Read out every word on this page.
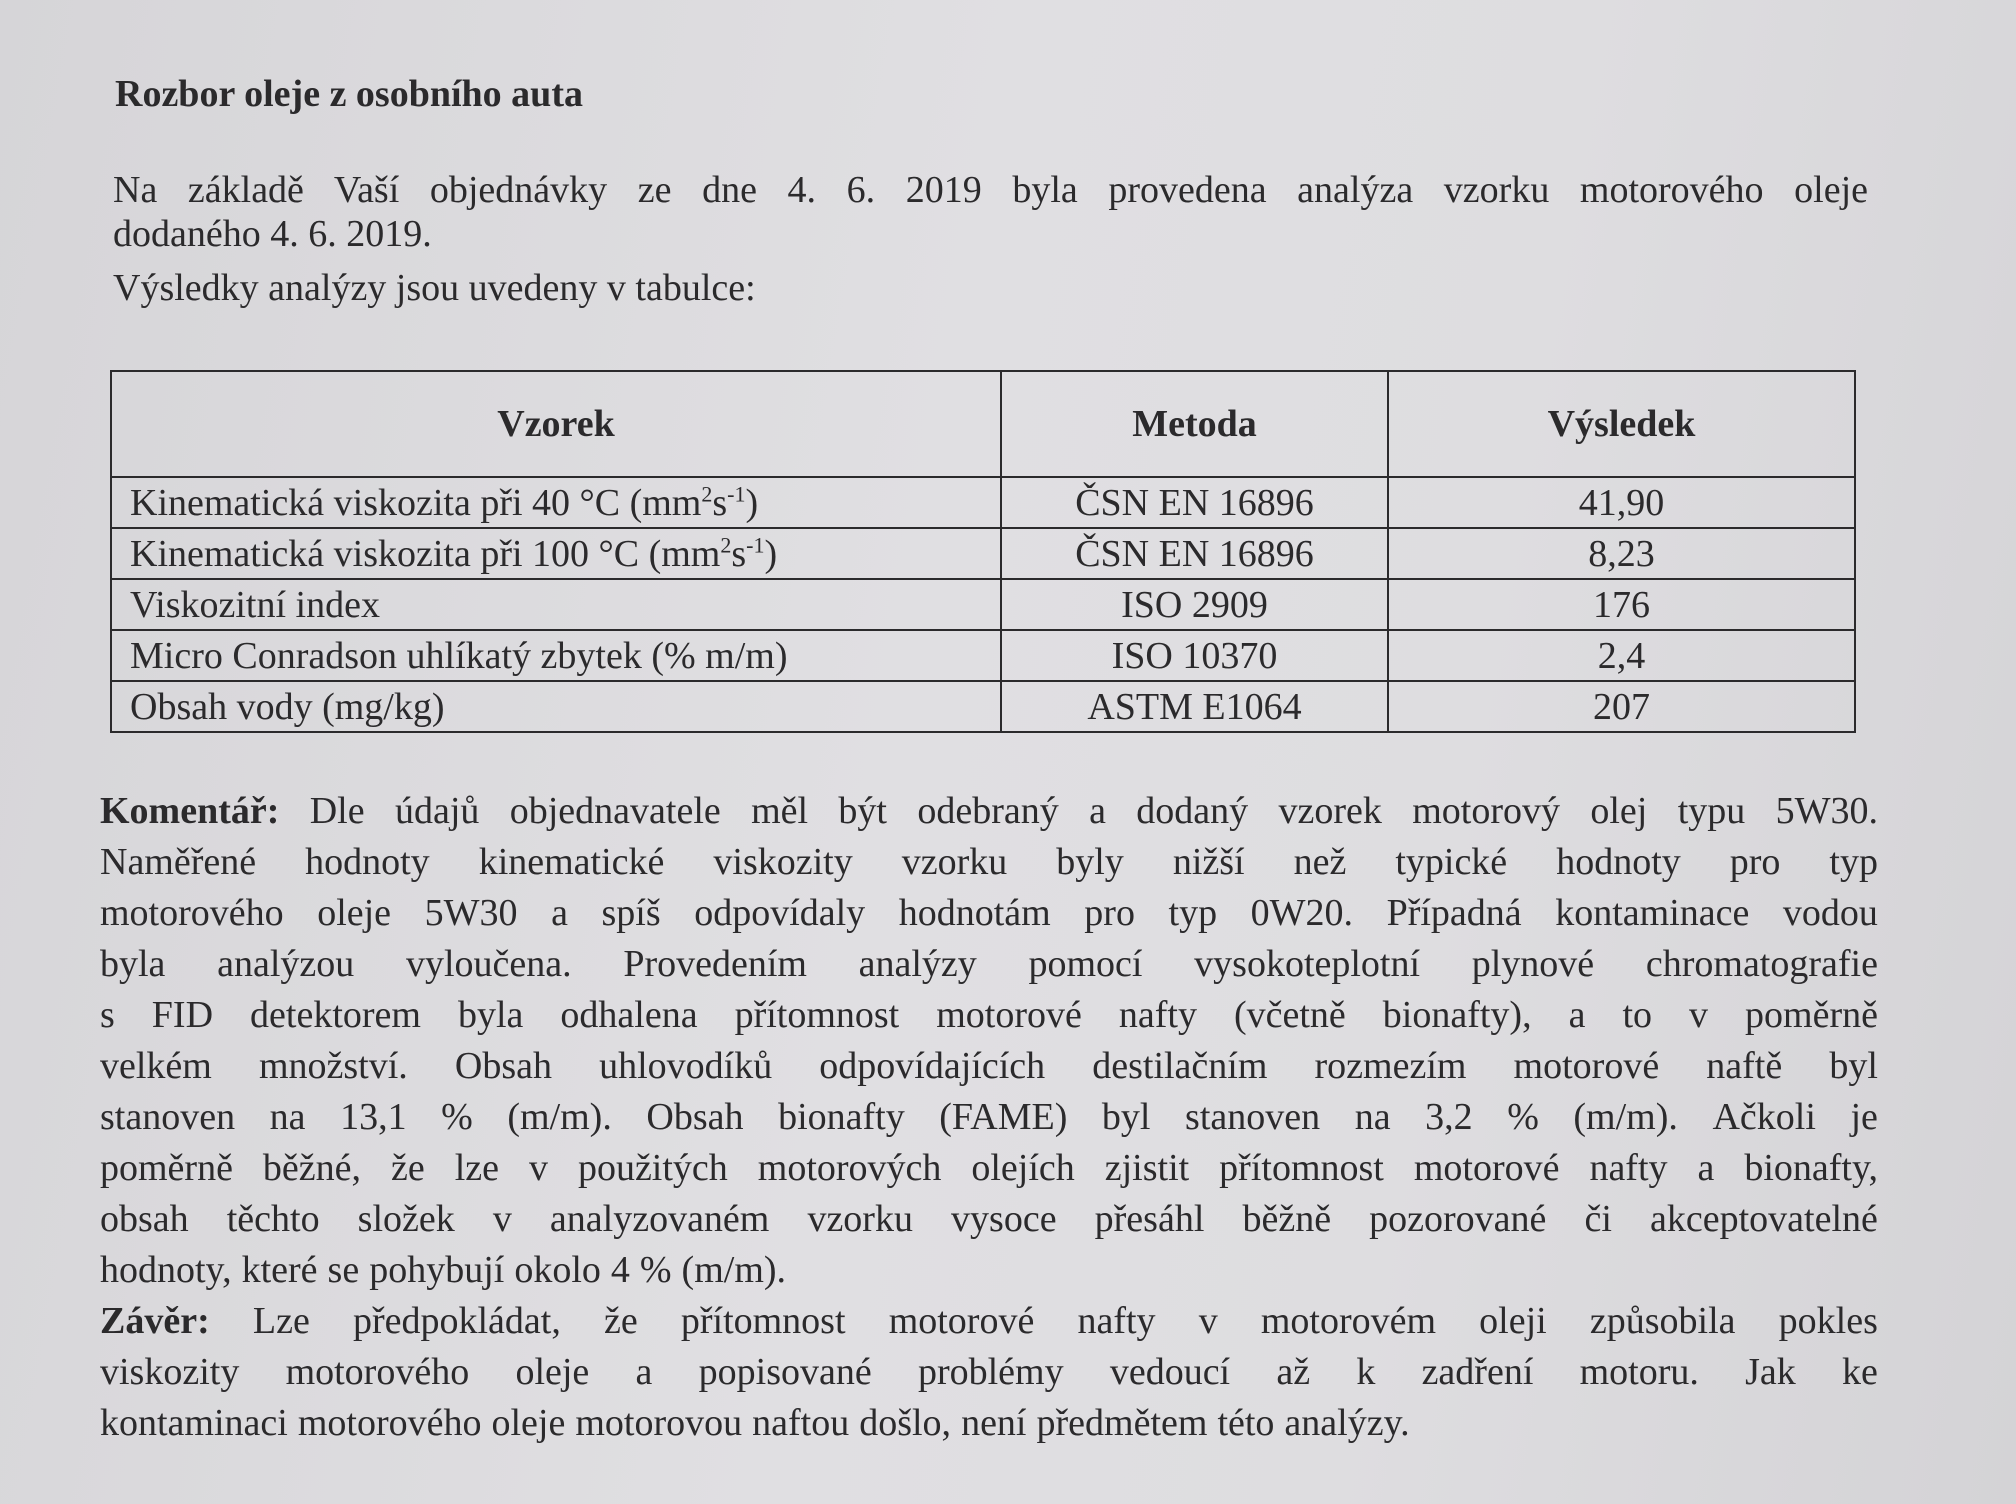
Rozbor oleje z osobního auta
Na základě Vaší objednávky ze dne 4. 6. 2019 byla provedena analýza vzorku motorového oleje
dodaného 4. 6. 2019.
Výsledky analýzy jsou uvedeny v tabulce:
Vzorek	Metoda	Výsledek
Kinematická viskozita při 40 °C $(mm^2s^{-1})$	ČSN EN 16896	41,90
Kinematická viskozita při 100 °C $(mm^2s^{-1})$	ČSN EN 16896	8,23
Viskozitní index	ISO 2909	176
Micro Conradson uhlíkatý zbytek (% m/m)	ISO 10370	2,4
Obsah vody (mg/kg)	ASTM E1064	207
Komentář: Dle údajů objednavatele měl být odebraný a dodaný vzorek motorový olej typu 5W30.
Naměřené hodnoty kinematické viskozity vzorku byly nižší než typické hodnoty pro typ
motorového oleje 5W30 a spíš odpovídaly hodnotám pro typ 0W20. Případná kontaminace vodou
byla analýzou vyloučena. Provedením analýzy pomocí vysokoteplotní plynové chromatografie
s FID detektorem byla odhalena přítomnost motorové nafty (včetně bionafty), a to v poměrně
velkém množství. Obsah uhlovodíků odpovídajících destilačním rozmezím motorové naftě byl
stanoven na 13,1 % (m/m). Obsah bionafty (FAME) byl stanoven na 3,2 % (m/m). Ačkoli je
poměrně běžné, že lze v použitých motorových olejích zjistit přítomnost motorové nafty a bionafty,
obsah těchto složek v analyzovaném vzorku vysoce přesáhl běžně pozorované či akceptovatelné
hodnoty, které se pohybují okolo 4 % (m/m).
Závěr: Lze předpokládat, že přítomnost motorové nafty v motorovém oleji způsobila pokles
viskozity motorového oleje a popisované problémy vedoucí až k zadření motoru. Jak ke
kontaminaci motorového oleje motorovou naftou došlo, není předmětem této analýzy.
